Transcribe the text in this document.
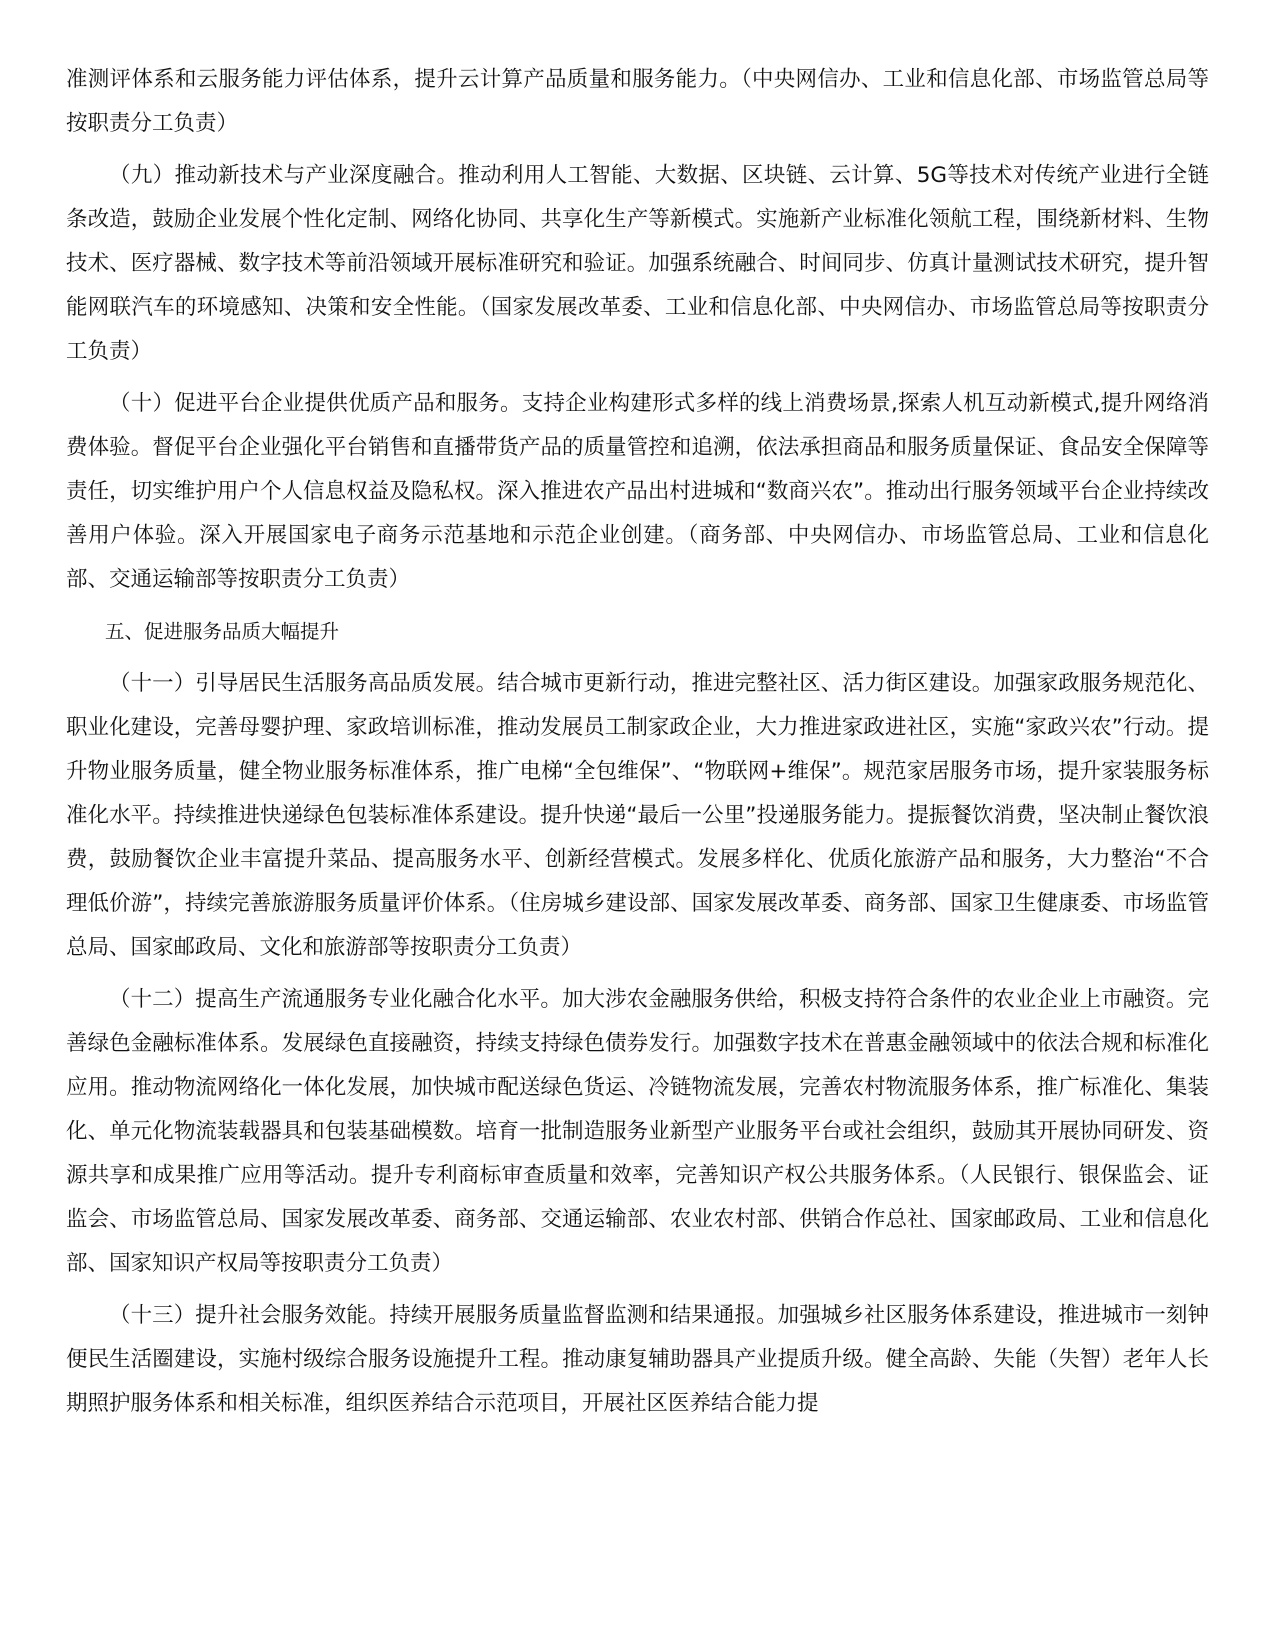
准测评体系和云服务能力评估体系，提升云计算产品质量和服务能力。（中央网信办、工业和信息化部、市场监管总局等按职责分工负责）

（九）推动新技术与产业深度融合。推动利用人工智能、大数据、区块链、云计算、5G等技术对传统产业进行全链条改造，鼓励企业发展个性化定制、网络化协同、共享化生产等新模式。实施新产业标准化领航工程，围绕新材料、生物技术、医疗器械、数字技术等前沿领域开展标准研究和验证。加强系统融合、时间同步、仿真计量测试技术研究，提升智能网联汽车的环境感知、决策和安全性能。（国家发展改革委、工业和信息化部、中央网信办、市场监管总局等按职责分工负责）

（十）促进平台企业提供优质产品和服务。支持企业构建形式多样的线上消费场景,探索人机互动新模式,提升网络消费体验。督促平台企业强化平台销售和直播带货产品的质量管控和追溯，依法承担商品和服务质量保证、食品安全保障等责任，切实维护用户个人信息权益及隐私权。深入推进农产品出村进城和“数商兴农”。推动出行服务领域平台企业持续改善用户体验。深入开展国家电子商务示范基地和示范企业创建。（商务部、中央网信办、市场监管总局、工业和信息化部、交通运输部等按职责分工负责）

五、促进服务品质大幅提升

（十一）引导居民生活服务高品质发展。结合城市更新行动，推进完整社区、活力街区建设。加强家政服务规范化、职业化建设，完善母婴护理、家政培训标准，推动发展员工制家政企业，大力推进家政进社区，实施“家政兴农”行动。提升物业服务质量，健全物业服务标准体系，推广电梯“全包维保”、“物联网+维保”。规范家居服务市场，提升家装服务标准化水平。持续推进快递绿色包装标准体系建设。提升快递“最后一公里”投递服务能力。提振餐饮消费，坚决制止餐饮浪费，鼓励餐饮企业丰富提升菜品、提高服务水平、创新经营模式。发展多样化、优质化旅游产品和服务，大力整治“不合理低价游”，持续完善旅游服务质量评价体系。（住房城乡建设部、国家发展改革委、商务部、国家卫生健康委、市场监管总局、国家邮政局、文化和旅游部等按职责分工负责）

（十二）提高生产流通服务专业化融合化水平。加大涉农金融服务供给，积极支持符合条件的农业企业上市融资。完善绿色金融标准体系。发展绿色直接融资，持续支持绿色债券发行。加强数字技术在普惠金融领域中的依法合规和标准化应用。推动物流网络化一体化发展，加快城市配送绿色货运、冷链物流发展，完善农村物流服务体系，推广标准化、集装化、单元化物流装载器具和包装基础模数。培育一批制造服务业新型产业服务平台或社会组织，鼓励其开展协同研发、资源共享和成果推广应用等活动。提升专利商标审查质量和效率，完善知识产权公共服务体系。（人民银行、银保监会、证监会、市场监管总局、国家发展改革委、商务部、交通运输部、农业农村部、供销合作总社、国家邮政局、工业和信息化部、国家知识产权局等按职责分工负责）

（十三）提升社会服务效能。持续开展服务质量监督监测和结果通报。加强城乡社区服务体系建设，推进城市一刻钟便民生活圈建设，实施村级综合服务设施提升工程。推动康复辅助器具产业提质升级。健全高龄、失能（失智）老年人长期照护服务体系和相关标准，组织医养结合示范项目，开展社区医养结合能力提
